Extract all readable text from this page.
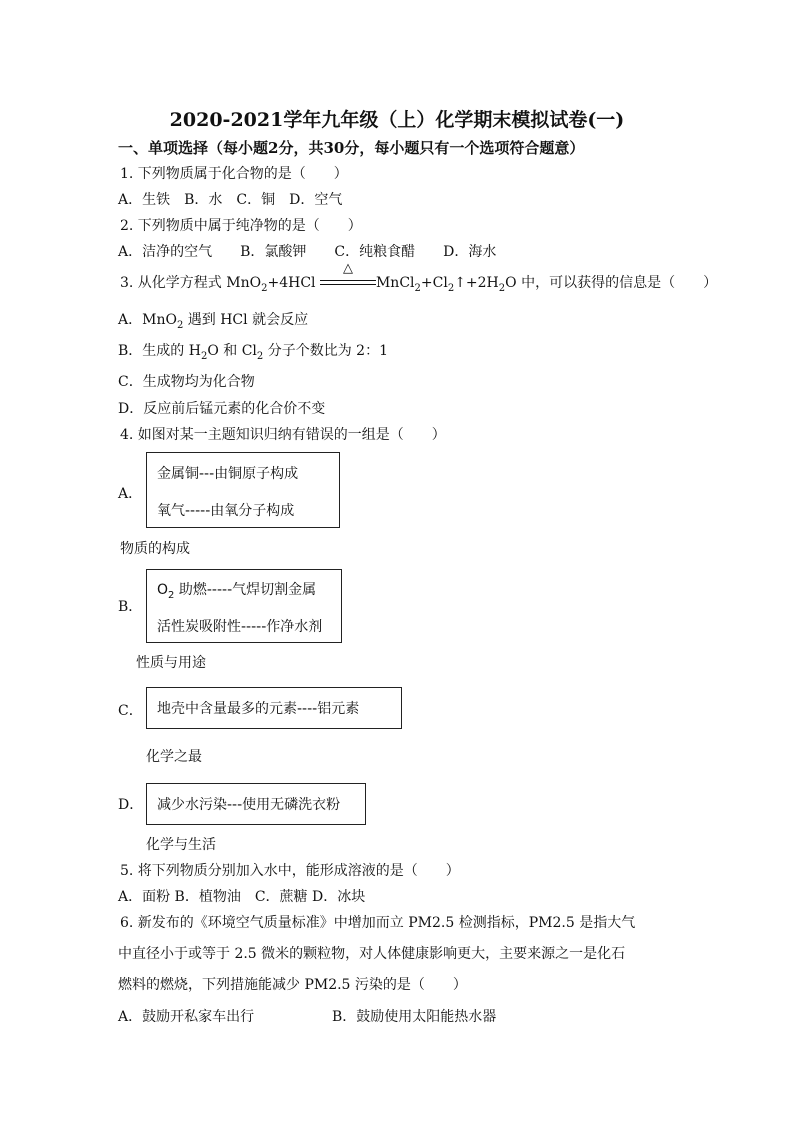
2020-2021学年九年级（上）化学期末模拟试卷(一)
一、单项选择（每小题2分，共30分，每小题只有一个选项符合题意）
1. 下列物质属于化合物的是（　　）
A．生铁　B．水　C．铜　D．空气
2. 下列物质中属于纯净物的是（　　）
A．洁净的空气　　B．氯酸钾　　C．纯粮食醋　　D．海水
3. 从化学方程式 MnO$_2$+4HCl
△
$MnCl_2+Cl_2↑+2H_2O$ 中，可以获得的信息是（　　）
A．MnO$_2$ 遇到 HCl 就会反应
B．生成的 $H_2O$ 和 $Cl_2$ 分子个数比为 2：1
C．生成物均为化合物
D．反应前后锰元素的化合价不变
4. 如图对某一主题知识归纳有错误的一组是（　　）
A．
金属铜---由铜原子构成
氧气-----由氧分子构成
物质的构成
B．
$O_2$ 助燃-----气焊切割金属
活性炭吸附性-----作净水剂
性质与用途
C． 地壳中含量最多的元素----铝元素
化学之最
D． 减少水污染---使用无磷洗衣粉
化学与生活
5. 将下列物质分别加入水中，能形成溶液的是（　　）
A．面粉 B．植物油　C．蔗糖 D．冰块
6. 新发布的《环境空气质量标准》中增加而立 PM2.5 检测指标，PM2.5 是指大气
中直径小于或等于 2.5 微米的颗粒物，对人体健康影响更大，主要来源之一是化石
燃料的燃烧，下列措施能减少 PM2.5 污染的是（　　）
A．鼓励开私家车出行	B．鼓励使用太阳能热水器
